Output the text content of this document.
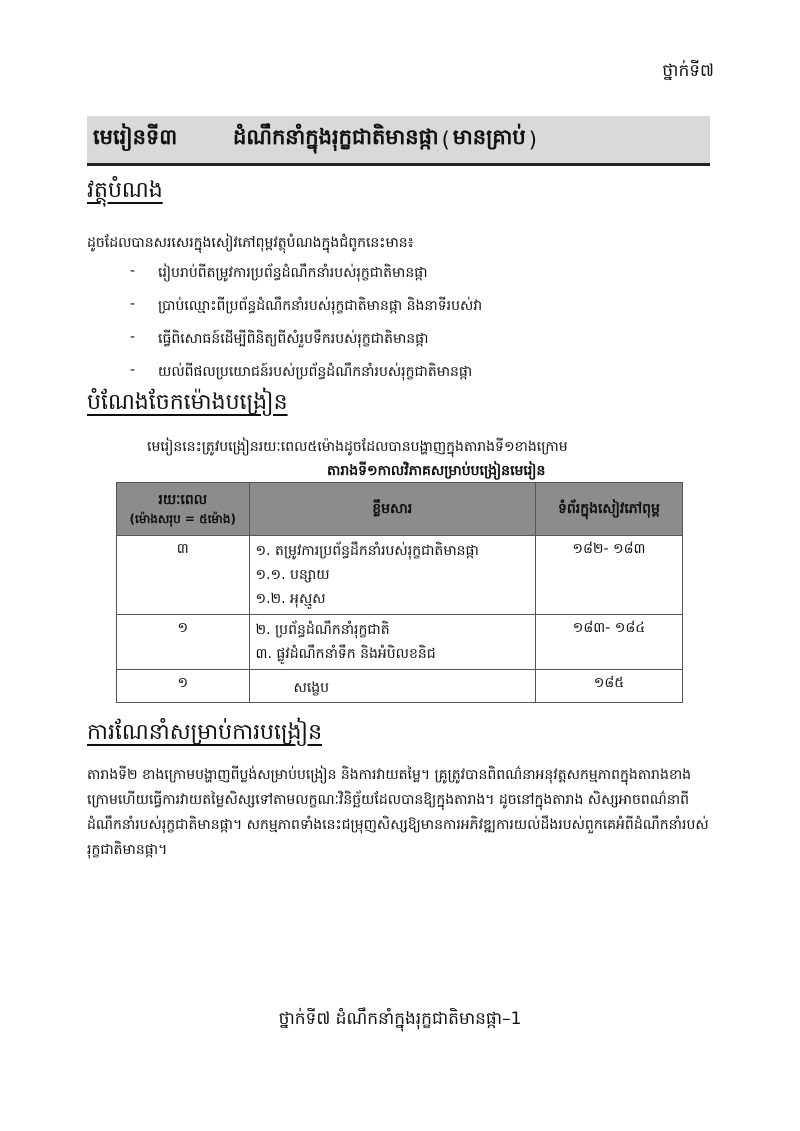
ថ្នាក់ទី៧
មេរៀនទី៣	ដំណឹកនាំក្នុងរុក្ខជាតិមានផ្កា ( មានគ្រាប់ )
វត្ថុបំណង
ដូចដែលបានសរសេរក្នុងសៀវភៅពុម្ពវត្ថុបំណងក្នុងជំពូកនេះមាន៖
-	រៀបរាប់ពីតម្រូវការប្រព័ន្ធដំណឹកនាំរបស់រុក្ខជាតិមានផ្កា
-	ប្រាប់ឈ្មោះពីប្រព័ន្ធដំណឹកនាំរបស់រុក្ខជាតិមានផ្កា និងនាទីរបស់វា
-	ធ្វើពិសោធន៍ដើម្បីពិនិត្យពីសំរួបទឹករបស់រុក្ខជាតិមានផ្កា
-	យល់ពីផលប្រយោជន៍របស់ប្រព័ន្ធដំណឹកនាំរបស់រុក្ខជាតិមានផ្កា
បំណែងចែកម៉ោងបង្រៀន
មេរៀននេះត្រូវបង្រៀនរយៈពេល៥ម៉ោងដូចដែលបានបង្ហាញក្នុងតារាងទី១ខាងក្រោម
តារាងទី១កាលវិភាគសម្រាប់បង្រៀនមេរៀន
រយៈពេល
(ម៉ោងសរុប = ៥ម៉ោង)	ខ្លឹមសារ	ទំព័រក្នុងសៀវភៅពុម្ព
៣	១. តម្រូវការប្រព័ន្ធដឹកនាំរបស់រុក្ខជាតិមានផ្កា
១.១. បន្សាយ
១.២. អុស្មូស	១៨២- ១៨៣
១	២. ប្រព័ន្ធដំណឹកនាំរុក្ខជាតិ
៣. ផ្លូវដំណឹកនាំទឹក និងអំបិលខនិជ	១៨៣- ១៨៤
១	សង្ខេប	១៨៥
ការណែនាំសម្រាប់ការបង្រៀន
តារាងទី២ ខាងក្រោមបង្ហាញពីប្លង់សម្រាប់បង្រៀន និងការវាយតម្លៃ។ គ្រូត្រូវបានពិពណ៌នាអនុវត្តសកម្មភាពក្នុងតារាងខាងក្រោមហើយធ្វើការវាយតម្លៃសិស្សទៅតាមលក្ខណៈវិនិច្ឆ័យដែលបានឱ្យក្នុងតារាង។ ដូចនៅក្នុងតារាង សិស្សអាចពណ៌នាពីដំណឹកនាំរបស់រុក្ខជាតិមានផ្កា។ សកម្មភាពទាំងនេះជម្រុញសិស្សឱ្យមានការអភិវឌ្ឍការយល់ដឹងរបស់ពួកគេអំពីដំណឹកនាំរបស់រុក្ខជាតិមានផ្កា។
ថ្នាក់ទី៧ ដំណឹកនាំក្នុងរុក្ខជាតិមានផ្កា–1
